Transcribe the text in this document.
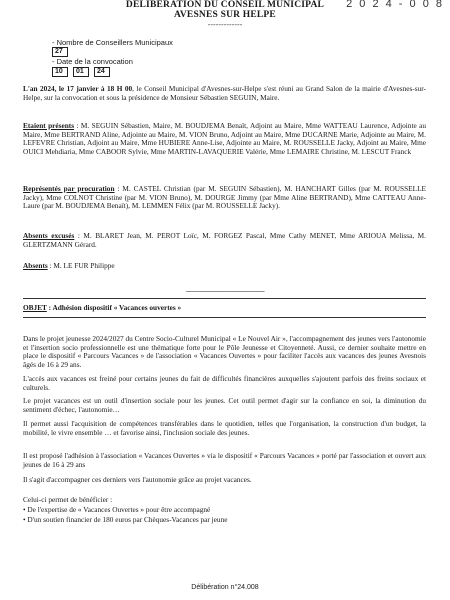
DELIBERATION DU CONSEIL MUNICIPAL
AVESNES SUR HELPE
2 0 2 4 - 0 0 8
-------------
- Nombre de Conseillers Municipaux
27
- Date de la convocation
10	01	24
L'an 2024, le 17 janvier à 18 H 00, le Conseil Municipal d'Avesnes-sur-Helpe s'est réuni au Grand Salon de la mairie d'Avesnes-sur-Helpe, sur la convocation et sous la présidence de Monsieur Sébastien SEGUIN, Maire.
Etaient présents : M. SEGUIN Sébastien, Maire, M. BOUDJEMA Benaït, Adjoint au Maire, Mme WATTEAU Laurence, Adjointe au Maire, Mme BERTRAND Aline, Adjointe au Maire, M. VION Bruno, Adjoint au Maire, Mme DUCARNE Marie, Adjointe au Maire, M. LEFEVRE Christian, Adjoint au Maire, Mme HUBIERE Anne-Lise, Adjointe au Maire, M. ROUSSELLE Jacky, Adjoint au Maire, Mme OUICI Mehdiaria, Mme CABOOR Sylvie, Mme MARTIN-LAVAQUERIE Valérie, Mme LEMAIRE Christine, M. LESCUT Franck
Représentés par procuration : M. CASTEL Christian (par M. SEGUIN Sébastien), M. HANCHART Gilles (par M. ROUSSELLE Jacky), Mme COLNOT Christine (par M. VION Bruno), M. DOURGE Jimmy (par Mme Aline BERTRAND), Mme CATTEAU Anne-Laure (par M. BOUDJEMA Benaït), M. LEMMEN Félix (par M. ROUSSELLE Jacky).
Absents excusés : M. BLARET Jean, M. PEROT Loïc, M. FORGEZ Pascal, Mme Cathy MENET, Mme ARIOUA Melissa, M. GLERTZMANN Gérard.
Absents : M. LE FUR Philippe
-------------------------------------------
OBJET : Adhésion dispositif « Vacances ouvertes »
Dans le projet jeunesse 2024/2027 du Centre Socio-Culturel Municipal « Le Nouvel Air », l'accompagnement des jeunes vers l'autonomie et l'insertion socio professionnelle est une thématique forte pour le Pôle Jeunesse et Citoyenneté. Aussi, ce dernier souhaite mettre en place le dispositif « Parcours Vacances » de l'association « Vacances Ouvertes » pour faciliter l'accès aux vacances des jeunes Avesnois âgés de 16 à 29 ans.
L'accès aux vacances est freiné pour certains jeunes du fait de difficultés financières auxquelles s'ajoutent parfois des freins sociaux et culturels.
Le projet vacances est un outil d'insertion sociale pour les jeunes. Cet outil permet d'agir sur la confiance en soi, la diminution du sentiment d'échec, l'autonomie…
Il permet aussi l'acquisition de compétences transférables dans le quotidien, telles que l'organisation, la construction d'un budget, la mobilité, le vivre ensemble … et favorise ainsi, l'inclusion sociale des jeunes.
Il est proposé l'adhésion à l'association « Vacances Ouvertes » via le dispositif « Parcours Vacances » porté par l'association et ouvert aux jeunes de 16 à 29 ans
Il s'agit d'accompagner ces derniers vers l'autonomie grâce au projet vacances.
Celui-ci permet de bénéficier :
• De l'expertise de « Vacances Ouvertes » pour être accompagné
• D'un soutien financier de 180 euros par Chèques-Vacances par jeune
Délibération n°24.008
